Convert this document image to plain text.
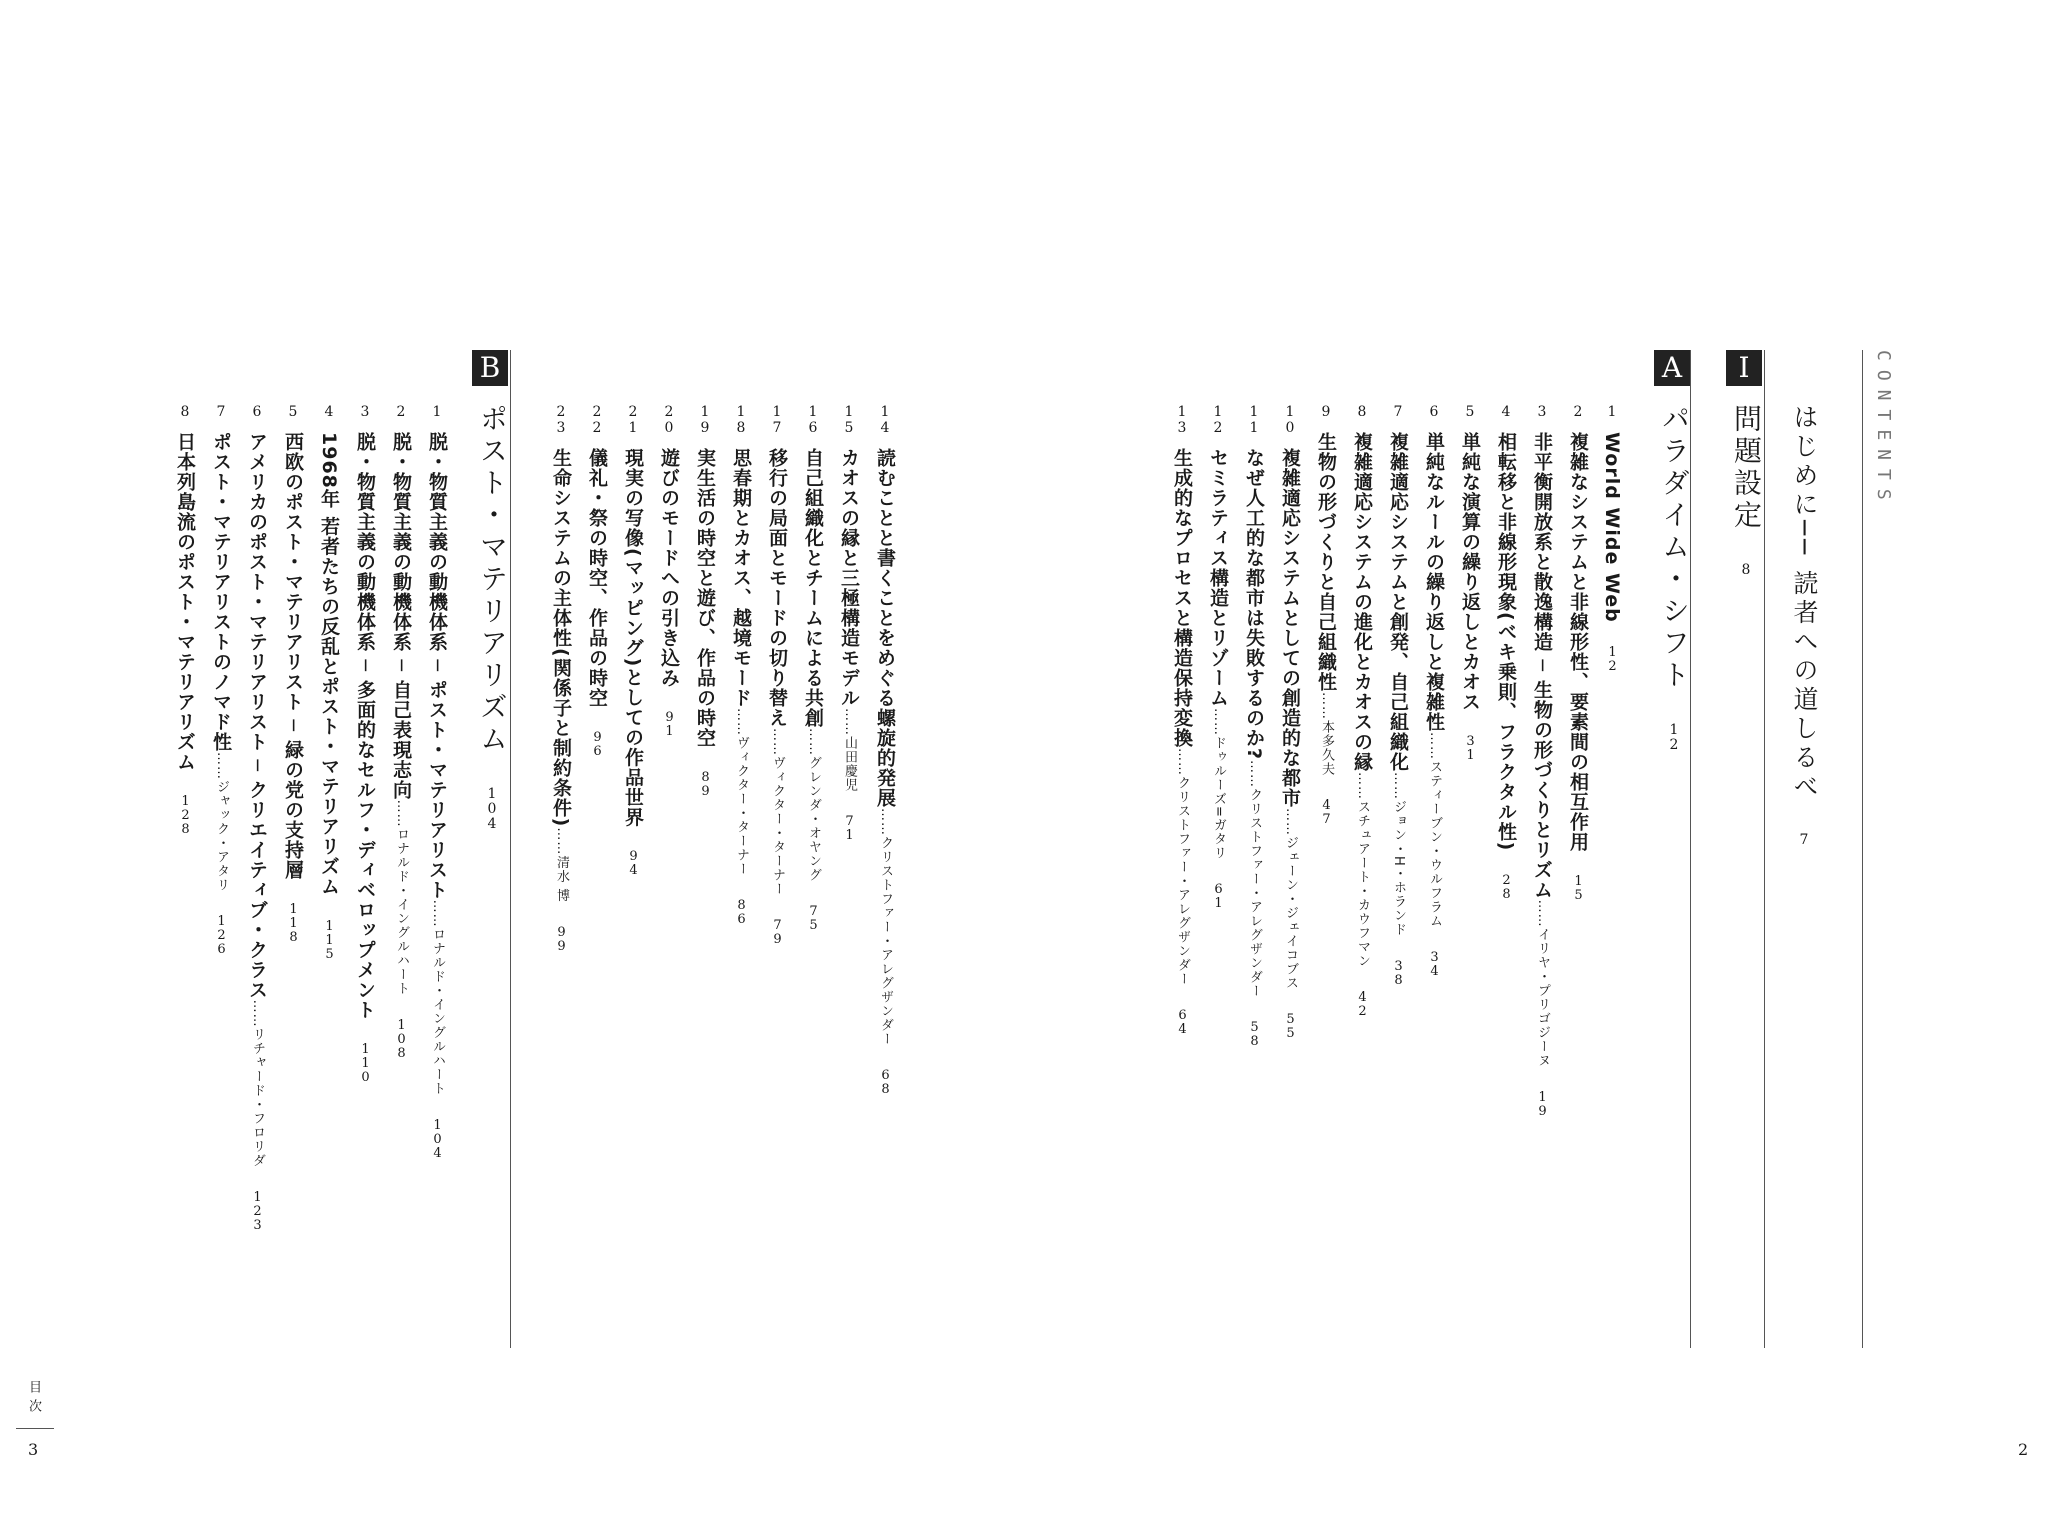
CONTENTS
はじめに── 読者への道しるべ7
I
問題設定8
A
パラダイム・シフト12
1World Wide Web12
2複雑なシステムと非線形性、要素間の相互作用15
3非平衡開放系と散逸構造 ─ 生物の形づくりとリズム……イリヤ・プリゴジーヌ19
4相転移と非線形現象(べキ乗則、フラクタル性)28
5単純な演算の繰り返しとカオス31
6単純なルールの繰り返しと複雑性……スティーブン・ウルフラム34
7複雑適応システムと創発、自己組織化……ジョン・H・ホランド38
8複雑適応システムの進化とカオスの縁……スチュアート・カウフマン42
9生物の形づくりと自己組織性……本多久夫47
10複雑適応システムとしての創造的な都市……ジェーン・ジェイコブス55
11なぜ人工的な都市は失敗するのか?……クリストファー・アレグザンダー58
12セミラティス構造とリゾーム……ドゥルーズ=ガタリ61
13生成的なプロセスと構造保持変換……クリストファー・アレグザンダー64
14読むことと書くことをめぐる螺旋的発展……クリストファー・アレグザンダー68
15カオスの縁と三極構造モデル……山田慶児71
16自己組織化とチームによる共創……グレンダ・オヤング75
17移行の局面とモードの切り替え……ヴィクター・ターナー79
18思春期とカオス、越境モード……ヴィクター・ターナー86
19実生活の時空と遊び、作品の時空89
20遊びのモードへの引き込み91
21現実の写像(マッピング)としての作品世界94
22儀礼・祭の時空、作品の時空96
23生命システムの主体性(関係子と制約条件)……清水 博99
B
ポスト・マテリアリズム104
1脱・物質主義の動機体系 ─ ポスト・マテリアリスト……ロナルド・イングルハート104
2脱・物質主義の動機体系 ─ 自己表現志向……ロナルド・イングルハート108
3脱・物質主義の動機体系 ─ 多面的なセルフ・ディベロップメント110
41968年 若者たちの反乱とポスト・マテリアリズム115
5西欧のポスト・マテリアリスト ─ 緑の党の支持層118
6アメリカのポスト・マテリアリスト ─ クリエイティブ・クラス……リチャード・フロリダ123
7ポスト・マテリアリストのノマド性……ジャック・アタリ126
8日本列島流のポスト・マテリアリズム128
目次
3	2
